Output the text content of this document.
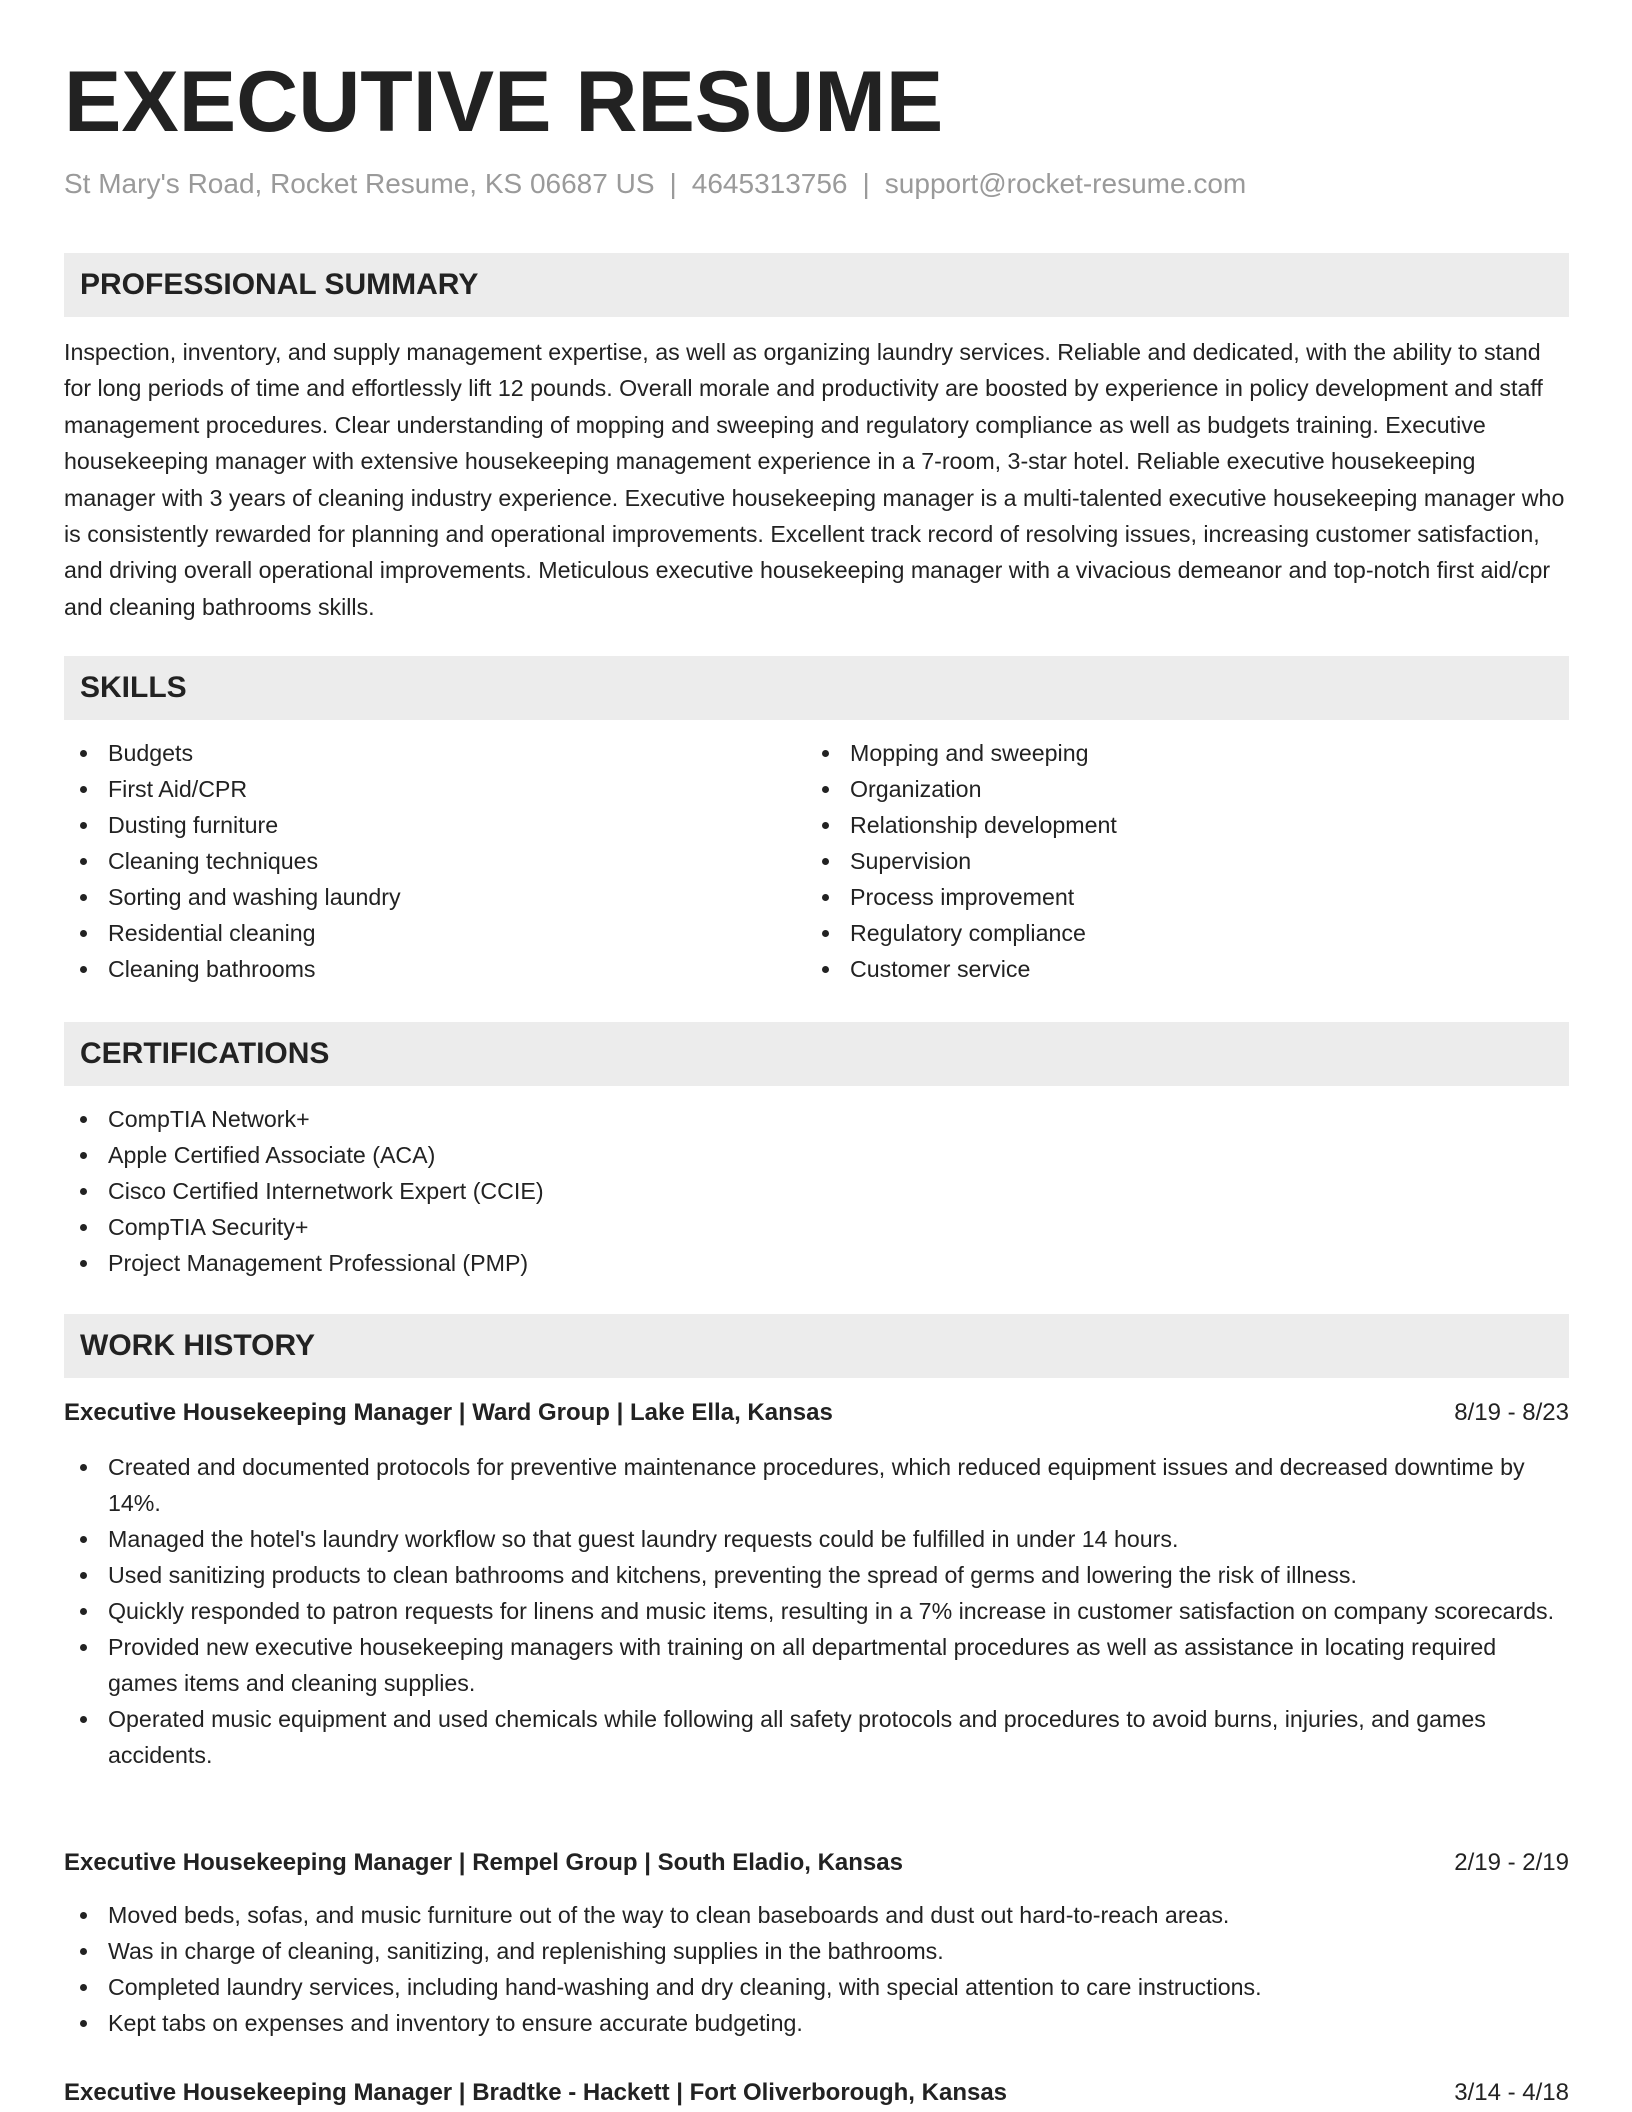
EXECUTIVE RESUME
St Mary's Road, Rocket Resume, KS 06687 US | 4645313756 | support@rocket-resume.com
PROFESSIONAL SUMMARY

Inspection, inventory, and supply management expertise, as well as organizing laundry services. Reliable and dedicated, with the ability to stand for long periods of time and effortlessly lift 12 pounds. Overall morale and productivity are boosted by experience in policy development and staff management procedures. Clear understanding of mopping and sweeping and regulatory compliance as well as budgets training. Executive housekeeping manager with extensive housekeeping management experience in a 7-room, 3-star hotel. Reliable executive housekeeping manager with 3 years of cleaning industry experience. Executive housekeeping manager is a multi-talented executive housekeeping manager who is consistently rewarded for planning and operational improvements. Excellent track record of resolving issues, increasing customer satisfaction, and driving overall operational improvements. Meticulous executive housekeeping manager with a vivacious demeanor and top-notch first aid/cpr and cleaning bathrooms skills.

SKILLS
Budgets
First Aid/CPR
Dusting furniture
Cleaning techniques
Sorting and washing laundry
Residential cleaning
Cleaning bathrooms
Mopping and sweeping
Organization
Relationship development
Supervision
Process improvement
Regulatory compliance
Customer service
CERTIFICATIONS
CompTIA Network+
Apple Certified Associate (ACA)
Cisco Certified Internetwork Expert (CCIE)
CompTIA Security+
Project Management Professional (PMP)
WORK HISTORY
Executive Housekeeping Manager | Ward Group | Lake Ella, Kansas	8/19 - 8/23
Created and documented protocols for preventive maintenance procedures, which reduced equipment issues and decreased downtime by 14%.
Managed the hotel's laundry workflow so that guest laundry requests could be fulfilled in under 14 hours.
Used sanitizing products to clean bathrooms and kitchens, preventing the spread of germs and lowering the risk of illness.
Quickly responded to patron requests for linens and music items, resulting in a 7% increase in customer satisfaction on company scorecards.
Provided new executive housekeeping managers with training on all departmental procedures as well as assistance in locating required games items and cleaning supplies.
Operated music equipment and used chemicals while following all safety protocols and procedures to avoid burns, injuries, and games accidents.
Executive Housekeeping Manager | Rempel Group | South Eladio, Kansas	2/19 - 2/19
Moved beds, sofas, and music furniture out of the way to clean baseboards and dust out hard-to-reach areas.
Was in charge of cleaning, sanitizing, and replenishing supplies in the bathrooms.
Completed laundry services, including hand-washing and dry cleaning, with special attention to care instructions.
Kept tabs on expenses and inventory to ensure accurate budgeting.
Executive Housekeeping Manager | Bradtke - Hackett | Fort Oliverborough, Kansas	3/14 - 4/18
